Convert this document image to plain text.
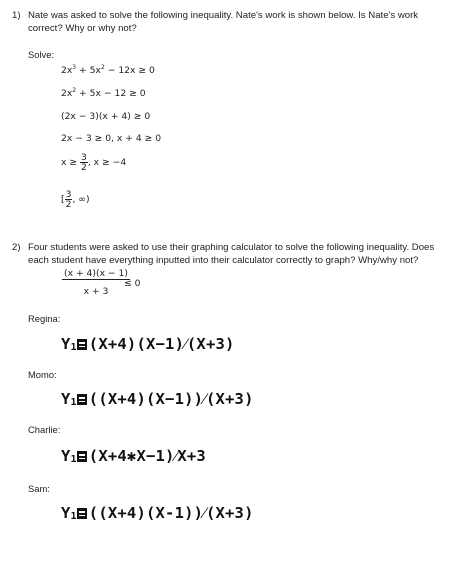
1) Nate was asked to solve the following inequality. Nate's work is shown below. Is Nate's work correct? Why or why not?
Solve:
$2x^3 + 5x^2 - 12x \ge 0$
$2x^2 + 5x - 12 \ge 0$
(2x − 3)(x + 4) ≥ 0
2x − 3 ≥ 0, x + 4 ≥ 0
$x \ge \frac{3}{2}$ , x ≥ −4
[ $\frac{3}{2}$ , ∞)
2) Four students were asked to use their graphing calculator to solve the following inequality. Does each student have everything inputted into their calculator correctly to graph? Why/why not?
$\frac{(x + 4)(x - 1)}{x + 3}$
≤ 0
Regina:
Y1 (X+4)(X−1)⁄(X+3)
Momo:
Y1 ((X+4)(X−1))⁄(X+3)
Charlie:
Y1 (X+4✱X−1)⁄X+3
Sam:
Y1 ((X+4)(X-1))⁄(X+3)
